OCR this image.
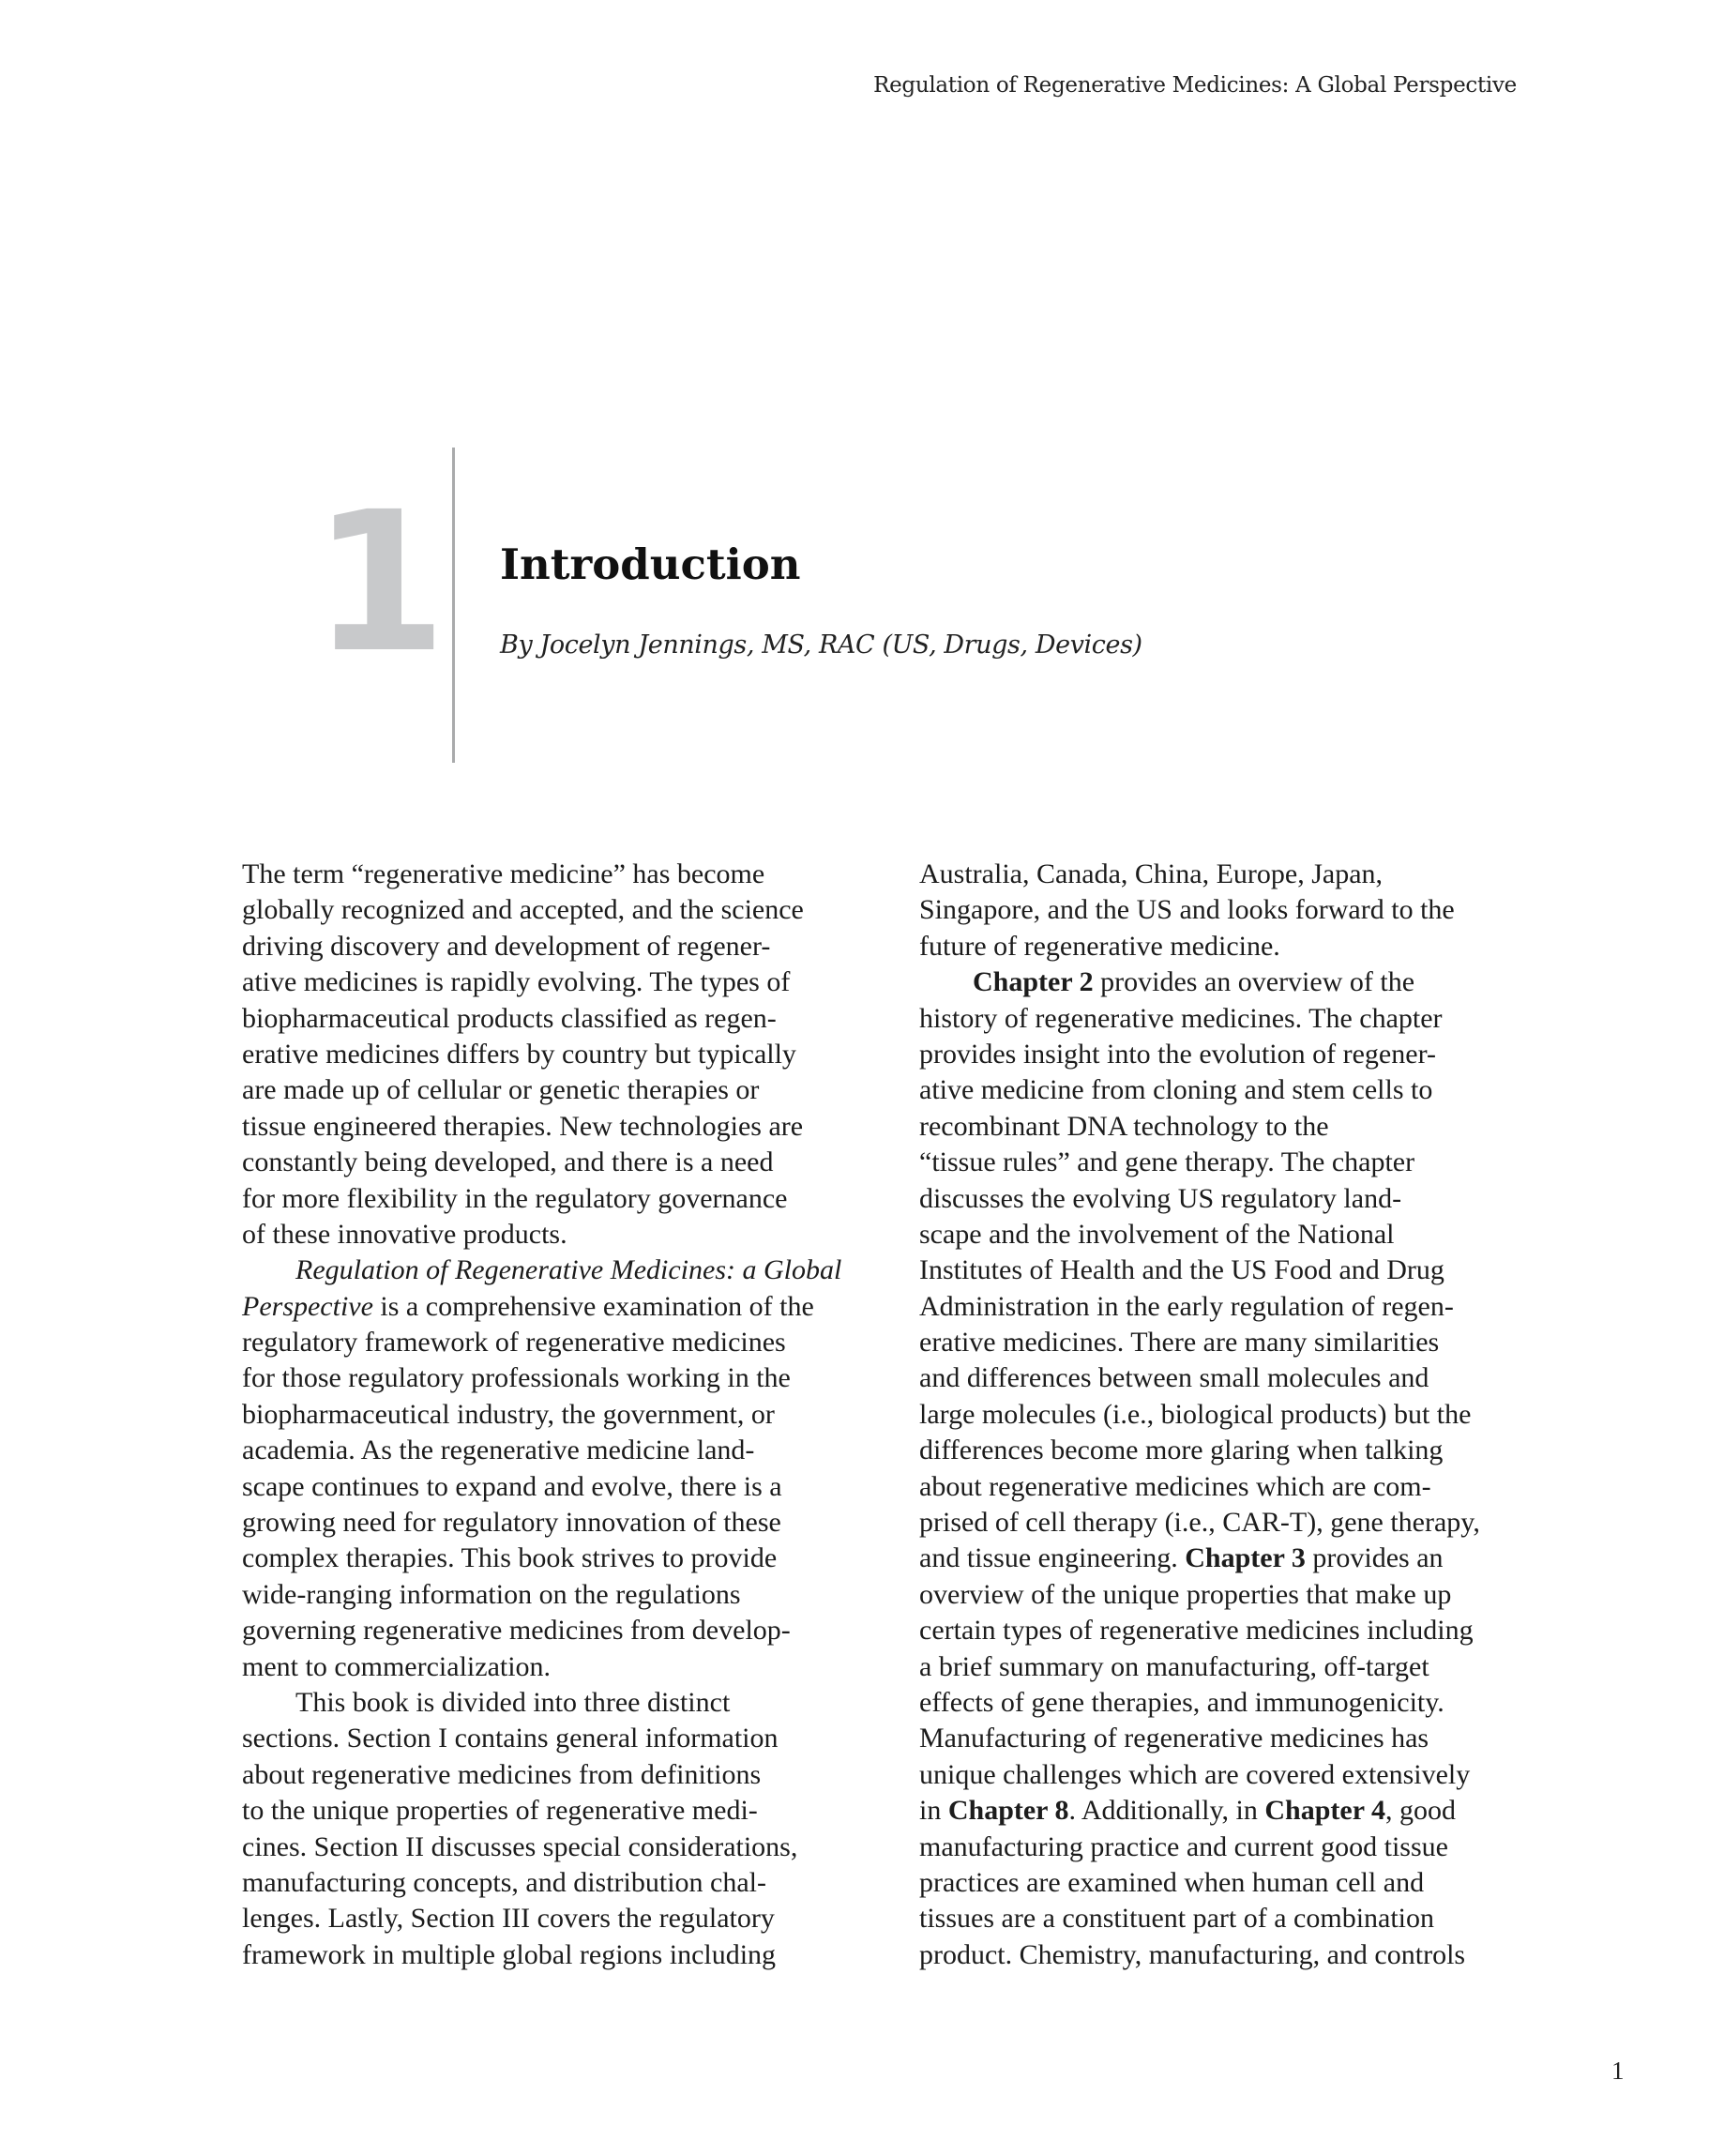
Regulation of Regenerative Medicines: A Global Perspective
1 Introduction
By Jocelyn Jennings, MS, RAC (US, Drugs, Devices)
The term “regenerative medicine” has become
globally recognized and accepted, and the science
driving discovery and development of regener-
ative medicines is rapidly evolving. The types of
biopharmaceutical products classified as regen-
erative medicines differs by country but typically
are made up of cellular or genetic therapies or
tissue engineered therapies. New technologies are
constantly being developed, and there is a need
for more flexibility in the regulatory governance
of these innovative products.
Regulation of Regenerative Medicines: a Global
Perspective is a comprehensive examination of the
regulatory framework of regenerative medicines
for those regulatory professionals working in the
biopharmaceutical industry, the government, or
academia. As the regenerative medicine land-
scape continues to expand and evolve, there is a
growing need for regulatory innovation of these
complex therapies. This book strives to provide
wide-ranging information on the regulations
governing regenerative medicines from develop-
ment to commercialization.
This book is divided into three distinct
sections. Section I contains general information
about regenerative medicines from definitions
to the unique properties of regenerative medi-
cines. Section II discusses special considerations,
manufacturing concepts, and distribution chal-
lenges. Lastly, Section III covers the regulatory
framework in multiple global regions including
Australia, Canada, China, Europe, Japan,
Singapore, and the US and looks forward to the
future of regenerative medicine.
Chapter 2 provides an overview of the
history of regenerative medicines. The chapter
provides insight into the evolution of regener-
ative medicine from cloning and stem cells to
recombinant DNA technology to the
“tissue rules” and gene therapy. The chapter
discusses the evolving US regulatory land-
scape and the involvement of the National
Institutes of Health and the US Food and Drug
Administration in the early regulation of regen-
erative medicines. There are many similarities
and differences between small molecules and
large molecules (i.e., biological products) but the
differences become more glaring when talking
about regenerative medicines which are com-
prised of cell therapy (i.e., CAR-T), gene therapy,
and tissue engineering. Chapter 3 provides an
overview of the unique properties that make up
certain types of regenerative medicines including
a brief summary on manufacturing, off-target
effects of gene therapies, and immunogenicity.
Manufacturing of regenerative medicines has
unique challenges which are covered extensively
in Chapter 8. Additionally, in Chapter 4, good
manufacturing practice and current good tissue
practices are examined when human cell and
tissues are a constituent part of a combination
product. Chemistry, manufacturing, and controls
1
